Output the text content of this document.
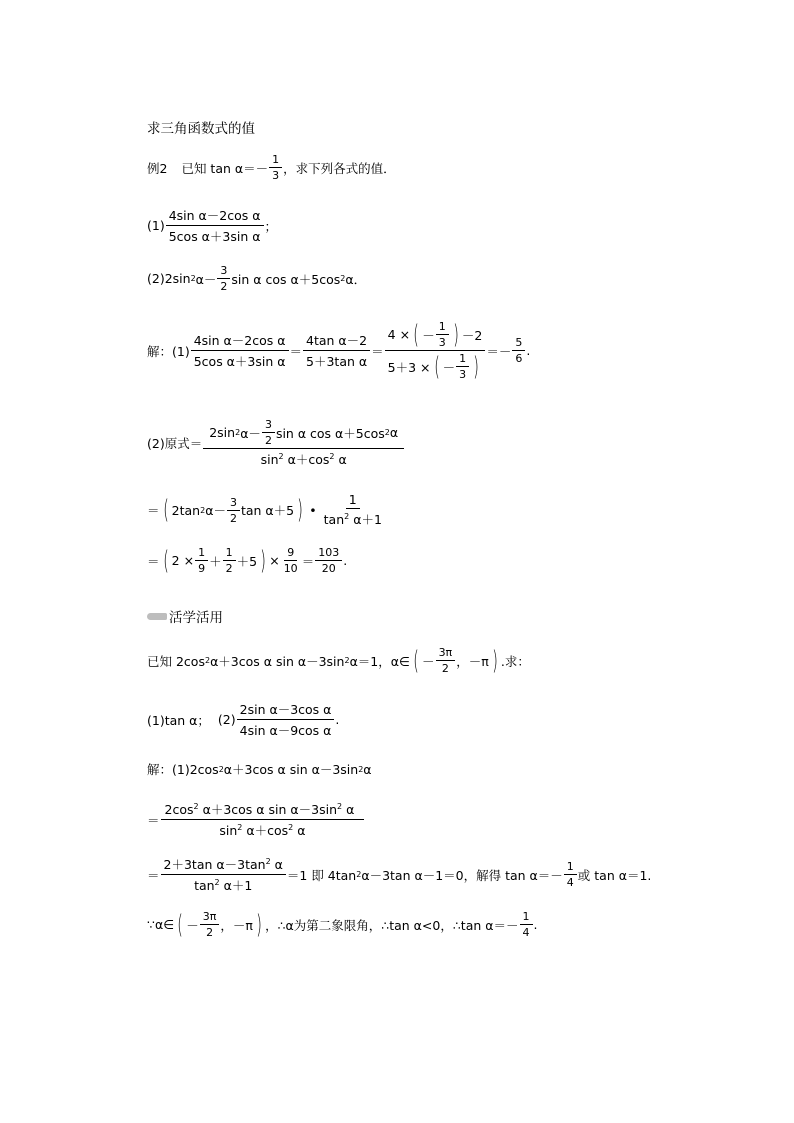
求三角函数式的值
例2 已知 $\tan \alpha=- \frac{1}{3}$ ，求下列各式的值．
$(1) \frac{\text{4sin α－2cos α}}{\text{5cos α＋3sin α}}$ ；
(2)2sin 2 $\alpha- \frac{3}{2}$ sin α cos α＋5cos 2 α．
解：$(1) \frac{\text{4sin α－2cos α}}{\text{5cos α＋3sin α}} = \frac{\text{4tan α－2}}{\text{5＋3tan α}}$ ＝
4 × ( － $\frac{1}{3}$ ) －2
5＋3 × ( － $\frac{1}{3}$ )
＝ － $\frac{5}{6}$ .
(2)原式＝
2sin 2 $\alpha- \frac{3}{2}$ sin α cos α＋5cos 2 α
$\sin^2 \alpha+\cos^2$ α
＝ ( 2tan 2 $\alpha- \frac{3}{2}$ tan α＋5 ) • $\frac{1}{\tan^2 \alpha+1}$
＝ ( $2 \times \frac{1}{9} + \frac{1}{2} +5$ ) × $\frac{9}{10} = \frac{103}{20}$ .
活学活用
已知 2cos 2 α＋3cos α sin α－3sin 2 α＝1，α∈ ( － $\frac{3\pi}{2}$ ，－π ) .求：
(1)tan α； $(2) \frac{\text{2sin α－3cos α}}{\text{4sin α－9cos α}}$ .
解：(1)2cos 2 α＋3cos α sin α－3sin 2 α
＝ $\frac{2\cos^2 \alpha+3\cos \alpha \sin \alpha-3\sin^2 \alpha}{\sin^2 \alpha+\cos^2 \alpha}$
＝ $\frac{2+3\tan \alpha-3\tan^2 \alpha}{\tan^2 \alpha+1} =1$ 即 4tan 2 α－3tan α－1＝0，解得 $\tan \alpha=- \frac{1}{4}$ 或 tan α＝1.
∵α∈ ( － $\frac{3\pi}{2}$ ，－π ) ，∴α为第二象限角，∴tan α<0，∴tan $\alpha=- \frac{1}{4}$ .
